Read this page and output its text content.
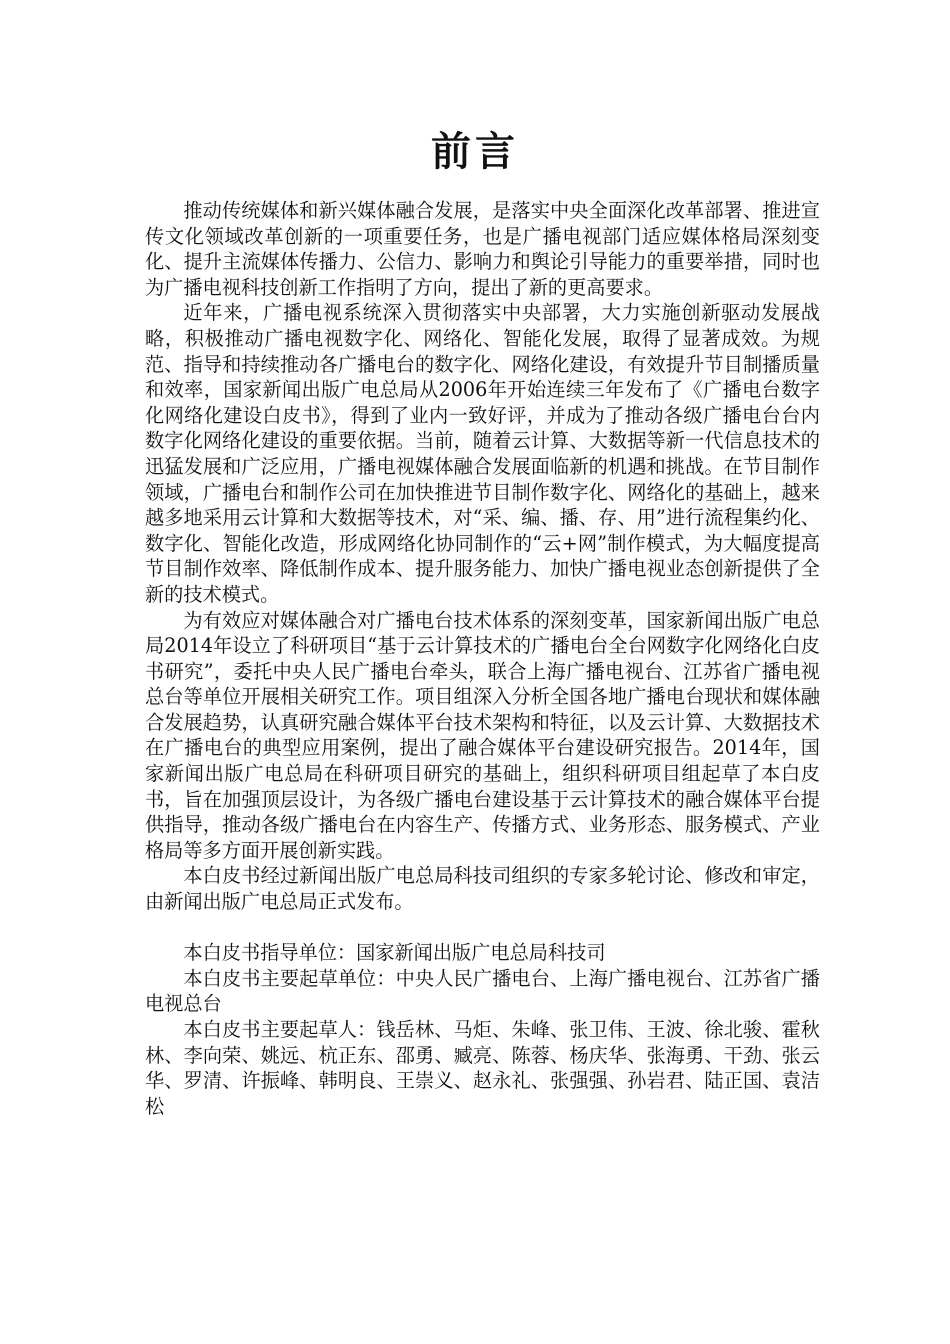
前言

推动传统媒体和新兴媒体融合发展，是落实中央全面深化改革部署、推进宣传文化领域改革创新的一项重要任务，也是广播电视部门适应媒体格局深刻变化、提升主流媒体传播力、公信力、影响力和舆论引导能力的重要举措，同时也为广播电视科技创新工作指明了方向，提出了新的更高要求。

近年来，广播电视系统深入贯彻落实中央部署，大力实施创新驱动发展战略，积极推动广播电视数字化、网络化、智能化发展，取得了显著成效。为规范、指导和持续推动各广播电台的数字化、网络化建设，有效提升节目制播质量和效率，国家新闻出版广电总局从2006年开始连续三年发布了《广播电台数字化网络化建设白皮书》，得到了业内一致好评，并成为了推动各级广播电台台内数字化网络化建设的重要依据。当前，随着云计算、大数据等新一代信息技术的迅猛发展和广泛应用，广播电视媒体融合发展面临新的机遇和挑战。在节目制作领域，广播电台和制作公司在加快推进节目制作数字化、网络化的基础上，越来越多地采用云计算和大数据等技术，对“采、编、播、存、用”进行流程集约化、数字化、智能化改造，形成网络化协同制作的“云+网”制作模式，为大幅度提高节目制作效率、降低制作成本、提升服务能力、加快广播电视业态创新提供了全新的技术模式。

为有效应对媒体融合对广播电台技术体系的深刻变革，国家新闻出版广电总局2014年设立了科研项目“基于云计算技术的广播电台全台网数字化网络化白皮书研究”，委托中央人民广播电台牵头，联合上海广播电视台、江苏省广播电视总台等单位开展相关研究工作。项目组深入分析全国各地广播电台现状和媒体融合发展趋势，认真研究融合媒体平台技术架构和特征，以及云计算、大数据技术在广播电台的典型应用案例，提出了融合媒体平台建设研究报告。2014年，国家新闻出版广电总局在科研项目研究的基础上，组织科研项目组起草了本白皮书，旨在加强顶层设计，为各级广播电台建设基于云计算技术的融合媒体平台提供指导，推动各级广播电台在内容生产、传播方式、业务形态、服务模式、产业格局等多方面开展创新实践。

本白皮书经过新闻出版广电总局科技司组织的专家多轮讨论、修改和审定，由新闻出版广电总局正式发布。

本白皮书指导单位：国家新闻出版广电总局科技司

本白皮书主要起草单位：中央人民广播电台、上海广播电视台、江苏省广播电视总台

本白皮书主要起草人：钱岳林、马炬、朱峰、张卫伟、王波、徐北骏、霍秋林、李向荣、姚远、杭正东、邵勇、臧亮、陈蓉、杨庆华、张海勇、干劲、张云华、罗清、许振峰、韩明良、王崇义、赵永礼、张强强、孙岩君、陆正国、袁洁松
